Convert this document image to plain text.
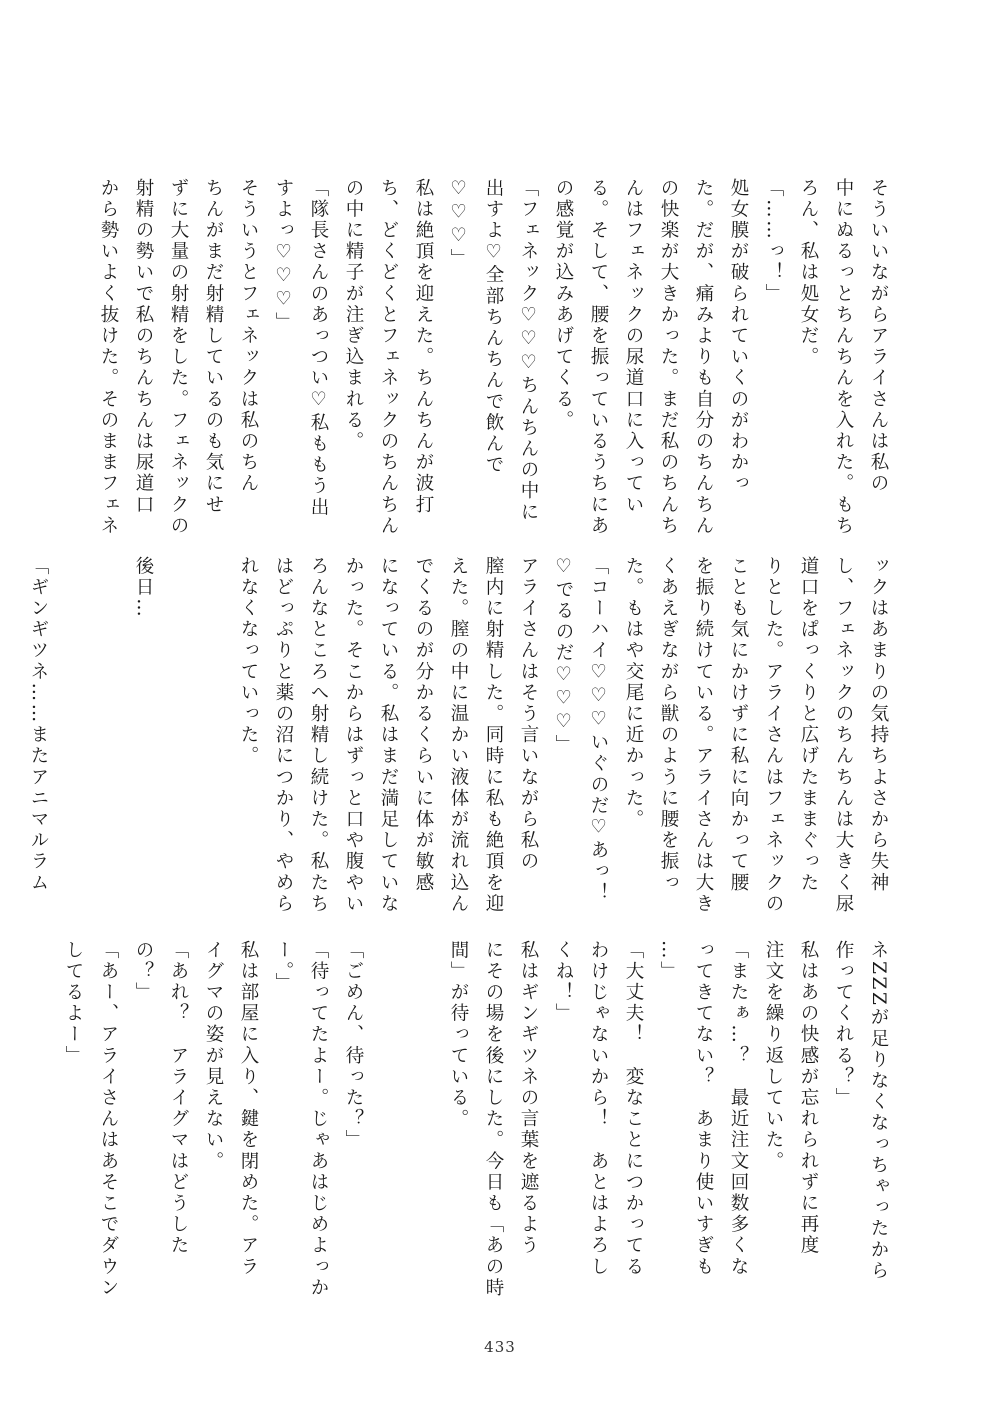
そういいながらアライさんは私の

中にぬるっとちんちんを入れた。もち

ろん、私は処女だ。

「……っ！」

処女膜が破られていくのがわかっ

た。だが、痛みよりも自分のちんちん

の快楽が大きかった。まだ私のちんち

んはフェネックの尿道口に入ってい

る。そして、腰を振っているうちにあ

の感覚が込みあげてくる。

「フェネック♡♡♡ちんちんの中に

出すよ♡全部ちんちんで飲んで

♡♡♡」

私は絶頂を迎えた。ちんちんが波打

ち、どくどくとフェネックのちんちん

の中に精子が注ぎ込まれる。

「隊長さんのあっつい♡私ももう出

すよっ♡♡♡」

そういうとフェネックは私のちん

ちんがまだ射精しているのも気にせ

ずに大量の射精をした。フェネックの

射精の勢いで私のちんちんは尿道口

から勢いよく抜けた。そのままフェネ

ックはあまりの気持ちよさから失神

し、フェネックのちんちんは大きく尿

道口をぱっくりと広げたままぐった

りとした。アライさんはフェネックの

ことも気にかけずに私に向かって腰

を振り続けている。アライさんは大き

くあえぎながら獣のように腰を振っ

た。もはや交尾に近かった。

「コーハイ♡♡♡いぐのだ♡あっ！

♡でるのだ♡♡♡」

アライさんはそう言いながら私の

膣内に射精した。同時に私も絶頂を迎

えた。膣の中に温かい液体が流れ込ん

でくるのが分かるくらいに体が敏感

になっている。私はまだ満足していな

かった。そこからはずっと口や腹やい

ろんなところへ射精し続けた。私たち

はどっぷりと薬の沼につかり、やめら

れなくなっていった。

後日…

「ギンギツネ……またアニマルラム

ネZZZが足りなくなっちゃったから

作ってくれる？」

私はあの快感が忘れられずに再度

注文を繰り返していた。

「またぁ…？　最近注文回数多くな

ってきてない？　あまり使いすぎも

…」

「大丈夫！　変なことにつかってる

わけじゃないから！　あとはよろし

くね！」

私はギンギツネの言葉を遮るよう

にその場を後にした。今日も「あの時

間」が待っている。

「ごめん、待った？」

「待ってたよー。じゃあはじめよっか

ー。」

私は部屋に入り、鍵を閉めた。アラ

イグマの姿が見えない。

「あれ？　アライグマはどうした

の？」

「あー、アライさんはあそこでダウン

してるよー」

433
